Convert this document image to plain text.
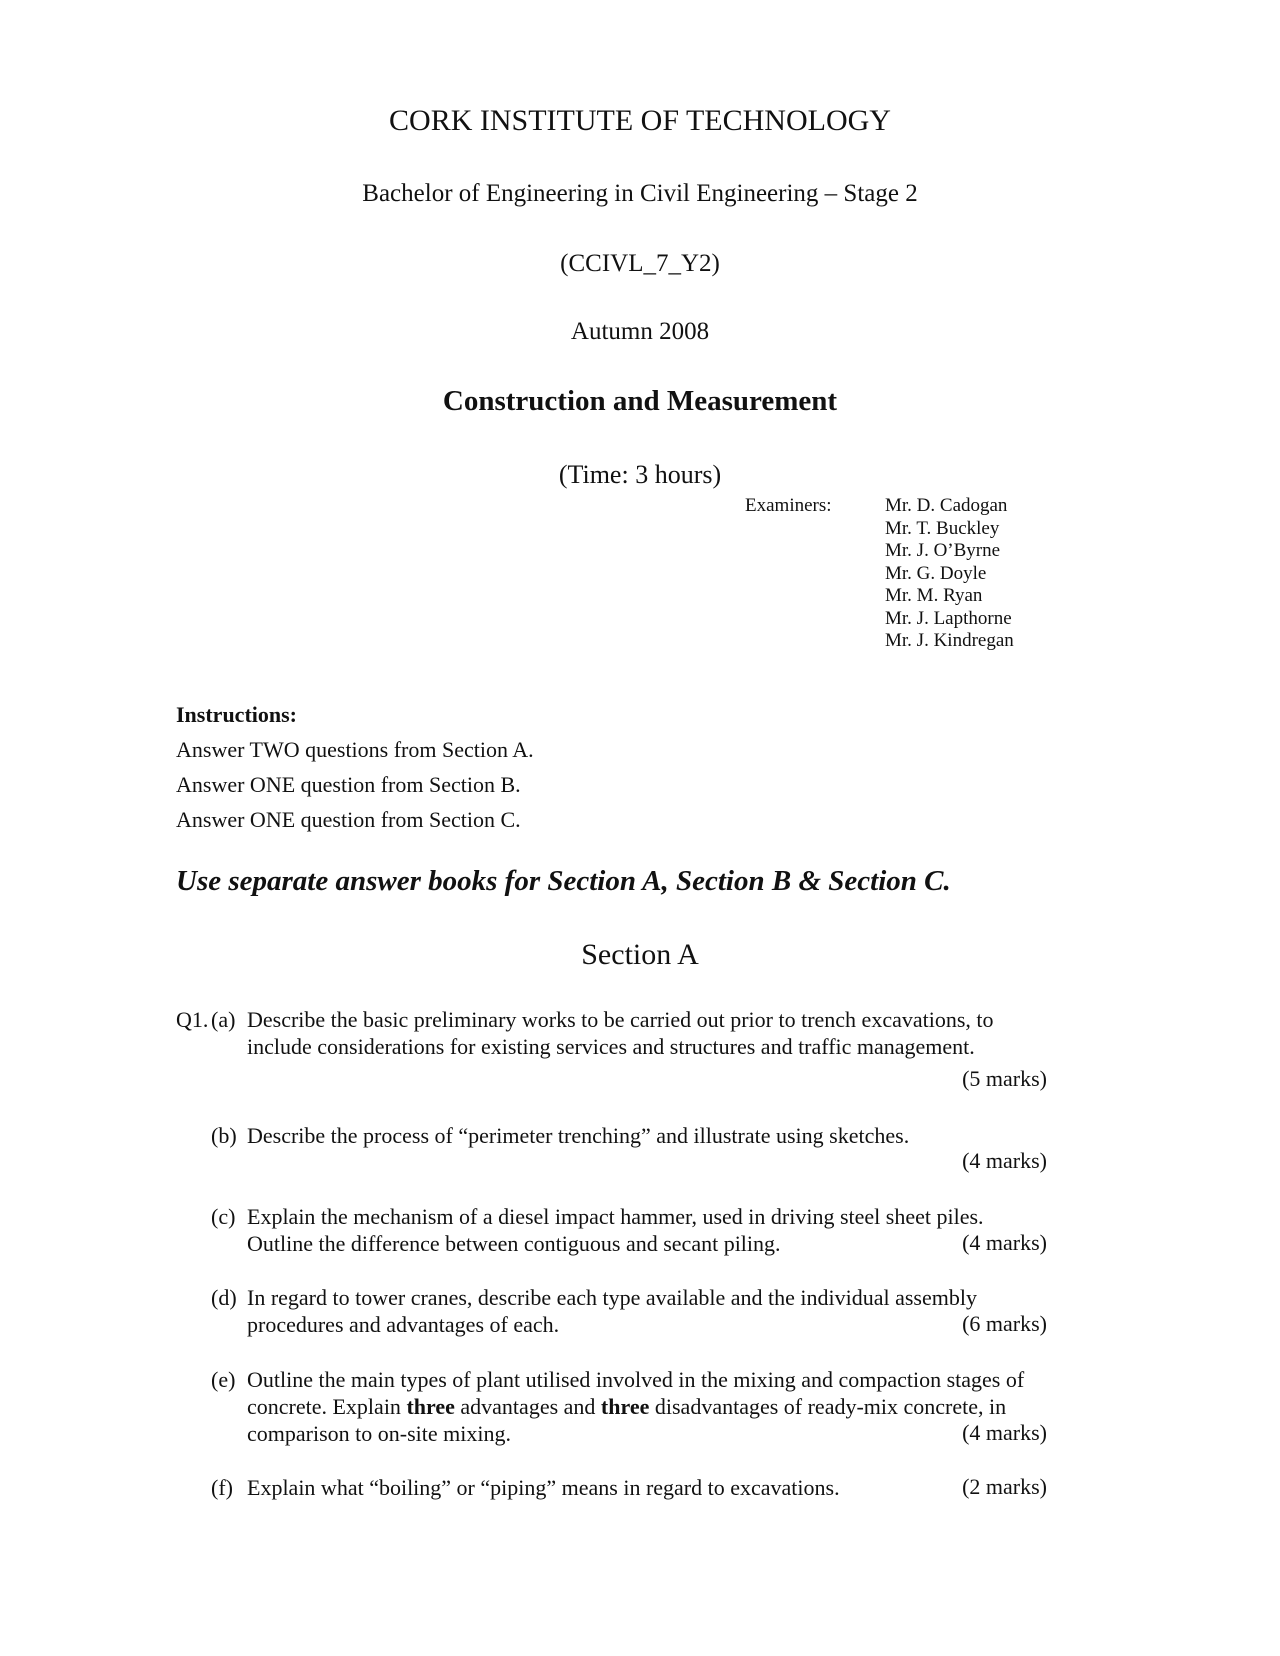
CORK INSTITUTE OF TECHNOLOGY
Bachelor of Engineering in Civil Engineering – Stage 2
(CCIVL_7_Y2)
Autumn 2008
Construction and Measurement
(Time: 3 hours)
Examiners:	Mr. D. Cadogan
Mr. T. Buckley
Mr. J. O’Byrne
Mr. G. Doyle
Mr. M. Ryan
Mr. J. Lapthorne
Mr. J. Kindregan
Instructions:
Answer TWO questions from Section A.
Answer ONE question from Section B.
Answer ONE question from Section C.
Use separate answer books for Section A, Section B & Section C.
Section A
Q1. (a) Describe the basic preliminary works to be carried out prior to trench excavations, to
include considerations for existing services and structures and traffic management.
(5 marks)
(b) Describe the process of “perimeter trenching” and illustrate using sketches.
(4 marks)
(c) Explain the mechanism of a diesel impact hammer, used in driving steel sheet piles.
Outline the difference between contiguous and secant piling.	(4 marks)
(d) In regard to tower cranes, describe each type available and the individual assembly
procedures and advantages of each.	(6 marks)
(e) Outline the main types of plant utilised involved in the mixing and compaction stages of
concrete. Explain three advantages and three disadvantages of ready-mix concrete, in
comparison to on-site mixing.	(4 marks)
(f) Explain what “boiling” or “piping” means in regard to excavations.	(2 marks)
